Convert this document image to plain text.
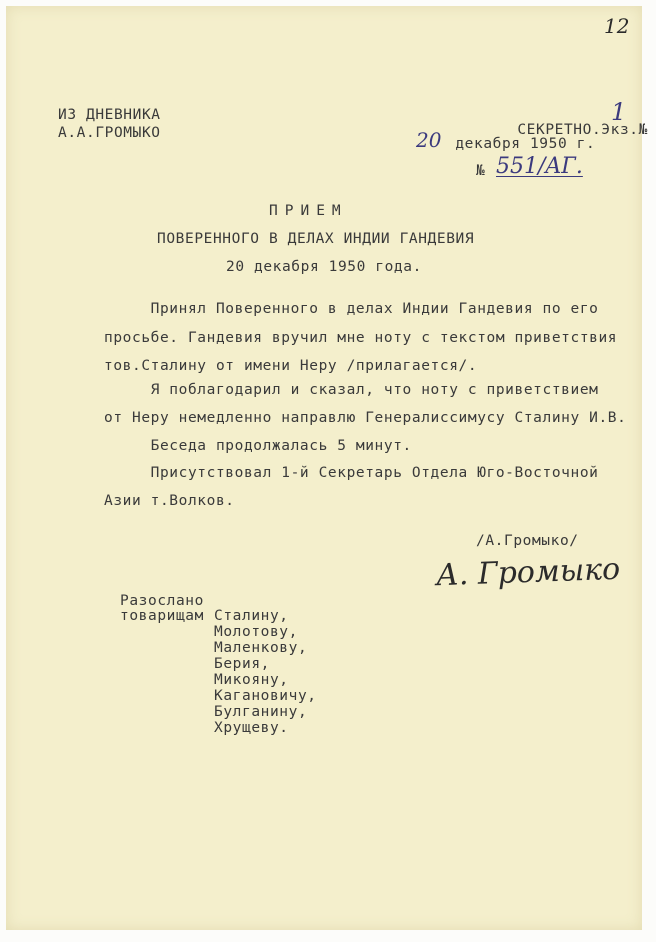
12
ИЗ ДНЕВНИКА
А.А.ГРОМЫКО	СЕКРЕТНО.Экз.№

1
20 декабря 1950 г.
№ 551/AГ.
ПРИЕМ
ПОВЕРЕННОГО В ДЕЛАХ ИНДИИ ГАНДЕВИЯ
20 декабря 1950 года.
Принял Поверенного в делах Индии Гандевия по его
просьбе. Гандевия вручил мне ноту с текстом приветствия
тов.Сталину от имени Неру /прилагается/.
Я поблагодарил и сказал, что ноту с приветствием
от Неру немедленно направлю Генералиссимусу Сталину И.В.
Беседа продолжалась 5 минут.
Присутствовал 1-й Секретарь Отдела Юго-Восточной
Азии т.Волков.
/А.Громыко/
А. Громыко
Разослано
товарищам Сталину,
Молотову,
Маленкову,
Берия,
Микояну,
Кагановичу,
Булганину,
Хрущеву.
